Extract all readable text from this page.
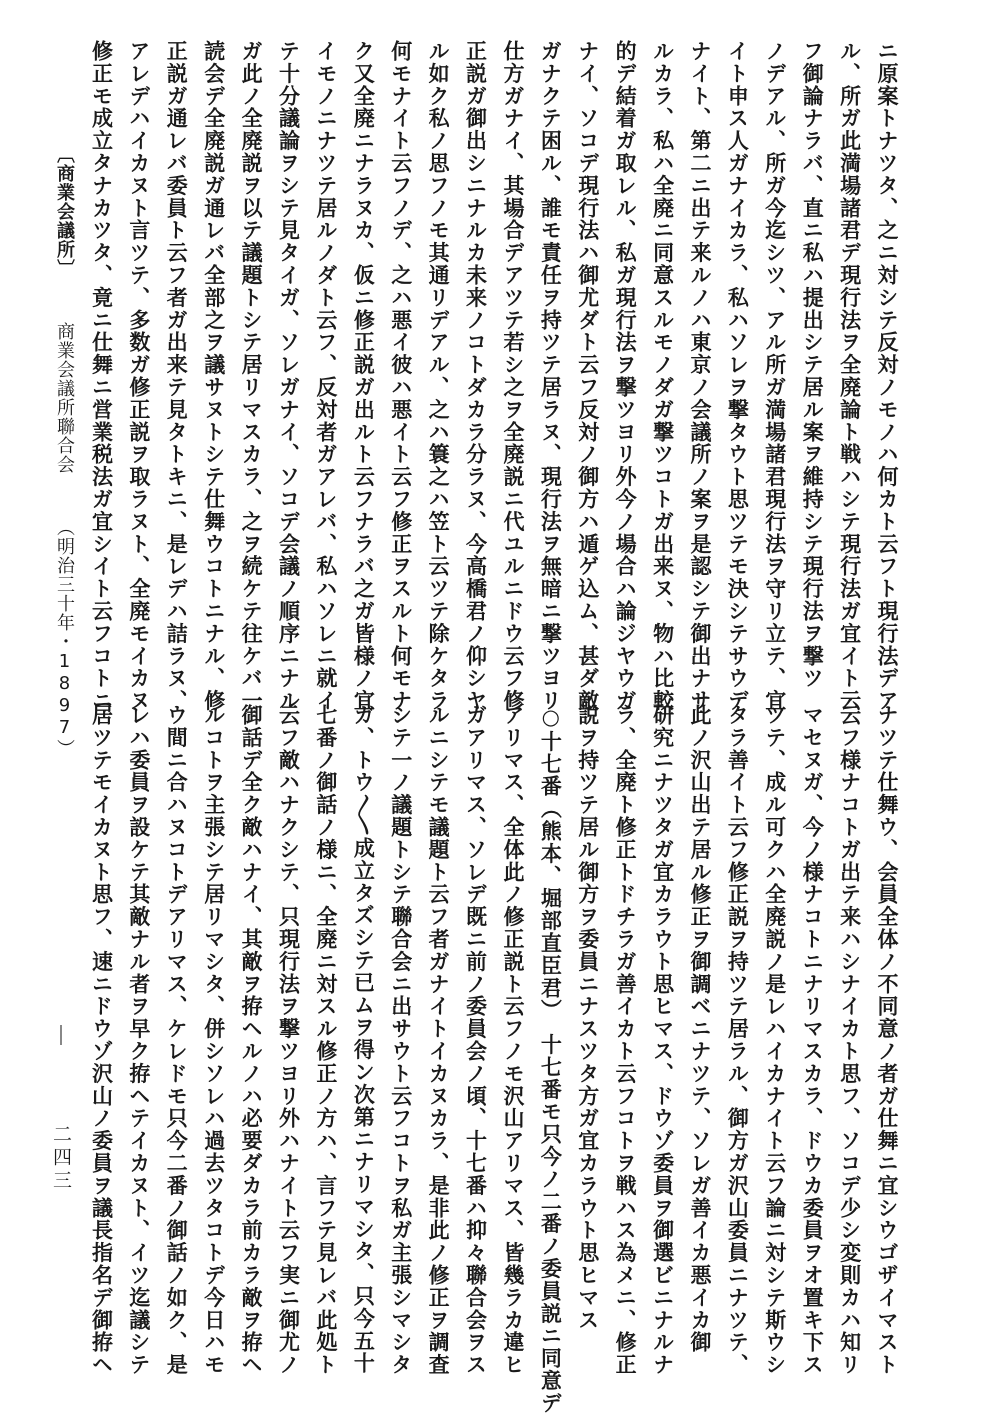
ニ原案トナツタ、之ニ対シテ反対ノモノハ何カト云フト現行法デア

ル、所ガ此満場諸君デ現行法ヲ全廃論ト戦ハシテ現行法ガ宜イト云

フ御論ナラバ、直ニ私ハ提出シテ居ル案ヲ維持シテ現行法ヲ撃ツ

ノデアル、所ガ今迄シツ、アル所ガ満場諸君現行法ヲ守リ立テ、宜

イト申ス人ガナイカラ、私ハソレヲ撃タウト思ツテモ決シテサウデ

ナイト、第二ニ出テ来ルノハ東京ノ会議所ノ案ヲ是認シテ御出ナサ

ルカラ、私ハ全廃ニ同意スルモノダガ撃ツコトガ出来ヌ、物ハ比較

的デ結着ガ取レル、私ガ現行法ヲ撃ツヨリ外今ノ場合ハ論ジヤウガ

ナイ、ソコデ現行法ハ御尤ダト云フ反対ノ御方ハ遁ゲ込ム、甚ダ敵

ガナクテ困ル、誰モ責任ヲ持ツテ居ラヌ、現行法ヲ無暗ニ撃ツヨリ

仕方ガナイ、其場合デアツテ若シ之ヲ全廃説ニ代ユルニドウ云フ修

正説ガ御出シニナルカ未来ノコトダカラ分ラヌ、今高橋君ノ仰シヤ

ル如ク私ノ思フノモ其通リデアル、之ハ簑之ハ笠ト云ツテ除ケタラ

何モナイト云フノデ、之ハ悪イ彼ハ悪イト云フ修正ヲスルト何モナ

ク又全廃ニナラヌカ、仮ニ修正説ガ出ルト云フナラバ之ガ皆様ノ宜

イモノニナツテ居ルノダト云フ、反対者ガアレバ、私ハソレニ就イ

テ十分議論ヲシテ見タイガ、ソレガナイ、ソコデ会議ノ順序ニナル

ガ此ノ全廃説ヲ以テ議題トシテ居リマスカラ、之ヲ続ケテ往ケバ一

読会デ全廃説ガ通レバ全部之ヲ議サヌトシテ仕舞ウコトニナル、修

正説ガ通レバ委員ト云フ者ガ出来テ見タトキニ、是レデハ詰ラヌ、

アレデハイカヌト言ツテ、多数ガ修正説ヲ取ラヌト、全廃モイカヌ

修正モ成立タナカツタ、竟ニ仕舞ニ営業税法ガ宜シイト云フコトニ

ナツテ仕舞ウ、会員全体ノ不同意ノ者ガ仕舞ニ宜シウゴザイマスト

云フ様ナコトガ出テ来ハシナイカト思フ、ソコデ少シ変則カハ知リ

マセヌガ、今ノ様ナコトニナリマスカラ、ドウカ委員ヲオ置キ下ス

ツテ、成ル可クハ全廃説ノ是レハイカナイト云フ論ニ対シテ斯ウシ

タラ善イト云フ修正説ヲ持ツテ居ラル、御方ガ沢山委員ニナツテ、

此ノ沢山出テ居ル修正ヲ御調ベニナツテ、ソレガ善イカ悪イカ御

研究ニナツタガ宜カラウト思ヒマス、ドウゾ委員ヲ御選ビニナルナ

ラ、全廃ト修正トドチラガ善イカト云フコトヲ戦ハス為メニ、修正

説ヲ持ツテ居ル御方ヲ委員ニナスツタ方ガ宜カラウト思ヒマス

○十七番（熊本、堀部直臣君）　十七番モ只今ノ二番ノ委員説ニ同意デ

アリマス、全体此ノ修正説ト云フノモ沢山アリマス、皆幾ラカ違ヒ

ガアリマス、ソレデ既ニ前ノ委員会ノ頃、十七番ハ抑々聯合会ヲス

ルニシテモ議題ト云フ者ガナイトイカヌカラ、是非此ノ修正ヲ調査

シテ一ノ議題トシテ聯合会ニ出サウト云フコトヲ私ガ主張シマシタ

ガ、トウ〳〵成立タズシテ已ムヲ得ン次第ニナリマシタ、只今五十

七番ノ御話ノ様ニ、全廃ニ対スル修正ノ方ハ、言フテ見レバ此処ト

云フ敵ハナクシテ、只現行法ヲ撃ツヨリ外ハナイト云フ実ニ御尤ノ

御話デ全ク敵ハナイ、其敵ヲ拵ヘルノハ必要ダカラ前カラ敵ヲ拵ヘ

ルコトヲ主張シテ居リマシタ、併シソレハ過去ツタコトデ今日ハモ

ウ間ニ合ハヌコトデアリマス、ケレドモ只今二番ノ御話ノ如ク、是

レハ委員ヲ設ケテ其敵ナル者ヲ早ク拵ヘテイカヌト、イツ迄議シテ

居ツテモイカヌト思フ、速ニドウゾ沢山ノ委員ヲ議長指名デ御拵ヘ

〔商業会議所〕 商業会議所聯合会 （明治三十年・1897）
二四三
